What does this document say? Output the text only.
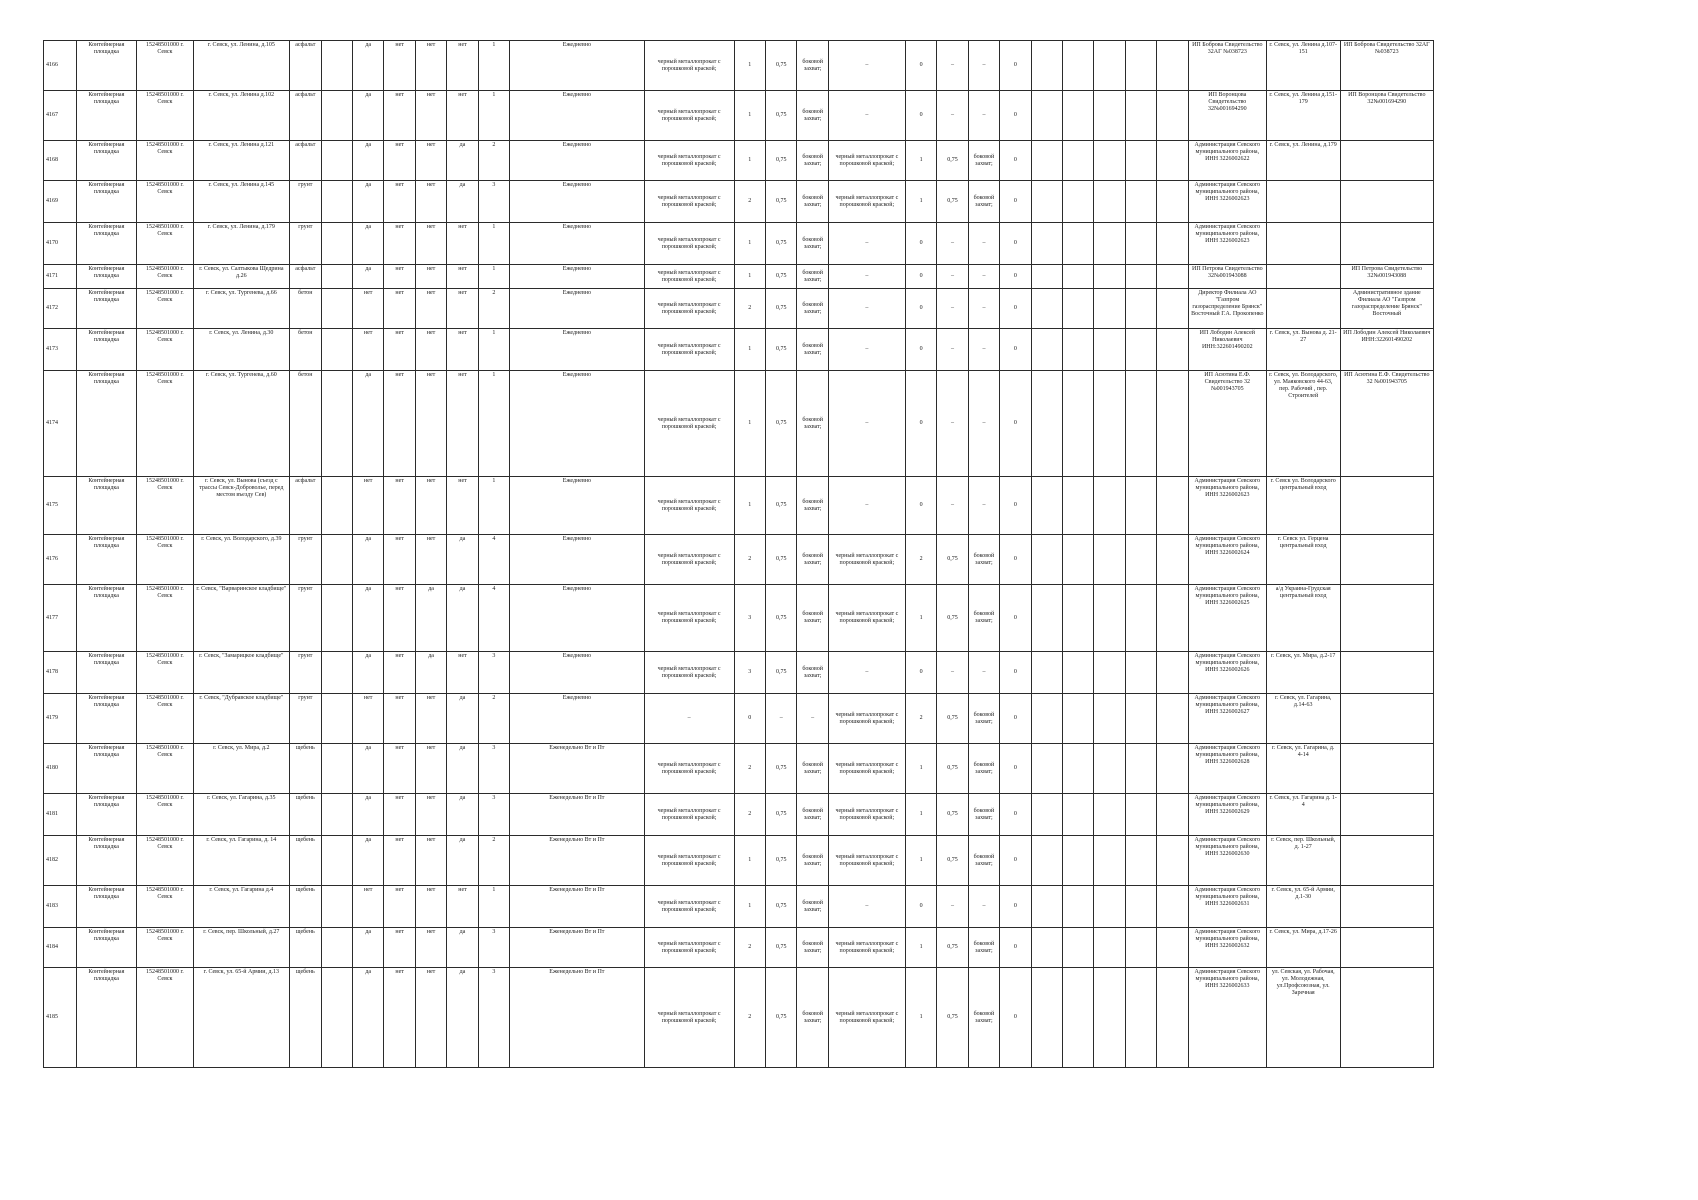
4166	Контейнерная площадка	15248501000 г. Севск	г. Севск, ул. Ленина, д.105	асфальт		да	нет	нет	нет	1	Ежедневно	черный металлопрокат с порошковой краской;	1	0,75	боковой захват;	–	0	–	–	0						ИП Боброва Свидетельство 32АГ №038723	г. Севск, ул. Ленина д.107-151	ИП Боброва Свидетельство 32АГ №038723
4167	Контейнерная площадка	15248501000 г. Севск	г. Севск, ул. Ленина д.102	асфальт		да	нет	нет	нет	1	Ежедневно	черный металлопрокат с порошковой краской;	1	0,75	боковой захват;	–	0	–	–	0						ИП Воронцова Свидетельство 32№001694290	г. Севск, ул. Ленина д.151-179	ИП Воронцова Свидетельство 32№001694290
4168	Контейнерная площадка	15248501000 г. Севск	г. Севск, ул. Ленина д.121	асфальт		да	нет	нет	да	2	Ежедневно	черный металлопрокат с порошковой краской;	1	0,75	боковой захват;	черный металлопрокат с порошковой краской;	1	0,75	боковой захват;	0						Администрация Севского муниципального района, ИНН 3226002622	г. Севск, ул. Ленина, д.179	
4169	Контейнерная площадка	15248501000 г. Севск	г. Севск, ул. Ленина д.145	грунт		да	нет	нет	да	3	Ежедневно	черный металлопрокат с порошковой краской;	2	0,75	боковой захват;	черный металлопрокат с порошковой краской;	1	0,75	боковой захват;	0						Администрация Севского муниципального района, ИНН 3226002623		
4170	Контейнерная площадка	15248501000 г. Севск	г. Севск, ул. Ленина, д.179	грунт		да	нет	нет	нет	1	Ежедневно	черный металлопрокат с порошковой краской;	1	0,75	боковой захват;	–	0	–	–	0						Администрация Севского муниципального района, ИНН 3226002623		
4171	Контейнерная площадка	15248501000 г. Севск	г. Севск, ул. Салтыкова Щедрина д.26	асфальт		да	нет	нет	нет	1	Ежедневно	черный металлопрокат с порошковой краской;	1	0,75	боковой захват;	–	0	–	–	0						ИП Петрова Свидетельство 32№001943088		ИП Петрова Свидетельство 32№001943088
4172	Контейнерная площадка	15248501000 г. Севск	г. Севск, ул. Тургенева, д.66	бетон		нет	нет	нет	нет	2	Ежедневно	черный металлопрокат с порошковой краской;	2	0,75	боковой захват;	–	0	–	–	0						Директор Филиала АО "Газпром газораспределение Брянск" Восточный Г.А. Прокопенко		Административное здание Филиала АО "Газпром газораспределение Брянск" Восточный
4173	Контейнерная площадка	15248501000 г. Севск	г. Севск, ул. Ленина, д.30	бетон		нет	нет	нет	нет	1	Ежедневно	черный металлопрокат с порошковой краской;	1	0,75	боковой захват;	–	0	–	–	0						ИП Лободин Алексей Николаевич ИНН:322601490202	г. Севск, ул. Вынова д. 21-27	ИП Лободин Алексей Николаевич ИНН:322601490202
4174	Контейнерная площадка	15248501000 г. Севск	г. Севск, ул. Тургенева, д.60	бетон		да	нет	нет	нет	1	Ежедневно	черный металлопрокат с порошковой краской;	1	0,75	боковой захват;	–	0	–	–	0						ИП Асютина Е.Ф. Свидетельство 32 №001943705	г. Севск, ул. Володарского, ул. Маяковского 44-63, пер. Рабочий , пер. Строителей	ИП Асютина Е.Ф. Свидетельство 32 №001943705
4175	Контейнерная площадка	15248501000 г. Севск	г. Севск, ул. Вынова (съезд с трассы Севск-Доброволье, перед местом въезду Сев)	асфальт		нет	нет	нет	нет	1	Ежедневно	черный металлопрокат с порошковой краской;	1	0,75	боковой захват;	–	0	–	–	0						Администрация Севского муниципального района, ИНН 3226002623	г. Севск ул. Володарского центральный вход	
4176	Контейнерная площадка	15248501000 г. Севск	г. Севск, ул. Володарского, д.39	грунт		да	нет	нет	да	4	Ежедневно	черный металлопрокат с порошковой краской;	2	0,75	боковой захват;	черный металлопрокат с порошковой краской;	2	0,75	боковой захват;	0						Администрация Севского муниципального района, ИНН 3226002624	г. Севск ул. Герцена центральный вход	
4177	Контейнерная площадка	15248501000 г. Севск	г. Севск, "Варваринское кладбище"	грунт		да	нет	да	да	4	Ежедневно	черный металлопрокат с порошковой краской;	3	0,75	боковой захват;	черный металлопрокат с порошковой краской;	1	0,75	боковой захват;	0						Администрация Севского муниципального района, ИНН 3226002625	а/д Украина-Грудская центральный вход	
4178	Контейнерная площадка	15248501000 г. Севск	г. Севск, "Замарицкое кладбище"	грунт		да	нет	да	нет	3	Ежедневно	черный металлопрокат с порошковой краской;	3	0,75	боковой захват;	–	0	–	–	0						Администрация Севского муниципального района, ИНН 3226002626	г. Севск, ул. Мира, д.2-17	
4179	Контейнерная площадка	15248501000 г. Севск	г. Севск, "Дубравское кладбище"	грунт		нет	нет	нет	да	2	Ежедневно	–	0	–	–	черный металлопрокат с порошковой краской;	2	0,75	боковой захват;	0						Администрация Севского муниципального района, ИНН 3226002627	г. Севск, ул. Гагарина, д.14-63	
4180	Контейнерная площадка	15248501000 г. Севск	г. Севск, ул. Мира, д.2	щебень		да	нет	нет	да	3	Еженедельно Вт и Пт	черный металлопрокат с порошковой краской;	2	0,75	боковой захват;	черный металлопрокат с порошковой краской;	1	0,75	боковой захват;	0						Администрация Севского муниципального района, ИНН 3226002628	г. Севск, ул. Гагарина, д. 4-14	
4181	Контейнерная площадка	15248501000 г. Севск	г. Севск, ул. Гагарина, д.35	щебень		да	нет	нет	да	3	Еженедельно Вт и Пт	черный металлопрокат с порошковой краской;	2	0,75	боковой захват;	черный металлопрокат с порошковой краской;	1	0,75	боковой захват;	0						Администрация Севского муниципального района, ИНН 3226002629	г. Севск, ул. Гагарина д. 1-4	
4182	Контейнерная площадка	15248501000 г. Севск	г. Севск, ул. Гагарина, д. 14	щебень		да	нет	нет	да	2	Еженедельно Вт и Пт	черный металлопрокат с порошковой краской;	1	0,75	боковой захват;	черный металлопрокат с порошковой краской;	1	0,75	боковой захват;	0						Администрация Севского муниципального района, ИНН 3226002630	г. Севск, пер. Школьный, д. 1-27	
4183	Контейнерная площадка	15248501000 г. Севск	г. Севск, ул. Гагарина д.4	щебень		нет	нет	нет	нет	1	Еженедельно Вт и Пт	черный металлопрокат с порошковой краской;	1	0,75	боковой захват;	–	0	–	–	0						Администрация Севского муниципального района, ИНН 3226002631	г. Севск, ул. 65-й Армии, д.1-30	
4184	Контейнерная площадка	15248501000 г. Севск	г. Севск, пер. Школьный, д.27	щебень		да	нет	нет	да	3	Еженедельно Вт и Пт	черный металлопрокат с порошковой краской;	2	0,75	боковой захват;	черный металлопрокат с порошковой краской;	1	0,75	боковой захват;	0						Администрация Севского муниципального района, ИНН 3226002632	г. Севск, ул. Мира, д.17-26	
4185	Контейнерная площадка	15248501000 г. Севск	г. Севск, ул. 65-й Армии, д.13	щебень		да	нет	нет	да	3	Еженедельно Вт и Пт	черный металлопрокат с порошковой краской;	2	0,75	боковой захват;	черный металлопрокат с порошковой краской;	1	0,75	боковой захват;	0						Администрация Севского муниципального района, ИНН 3226002633	ул. Севская, ул. Рабочая, ул. Молодежная, ул.Профсоюзная, ул. Заречная	
